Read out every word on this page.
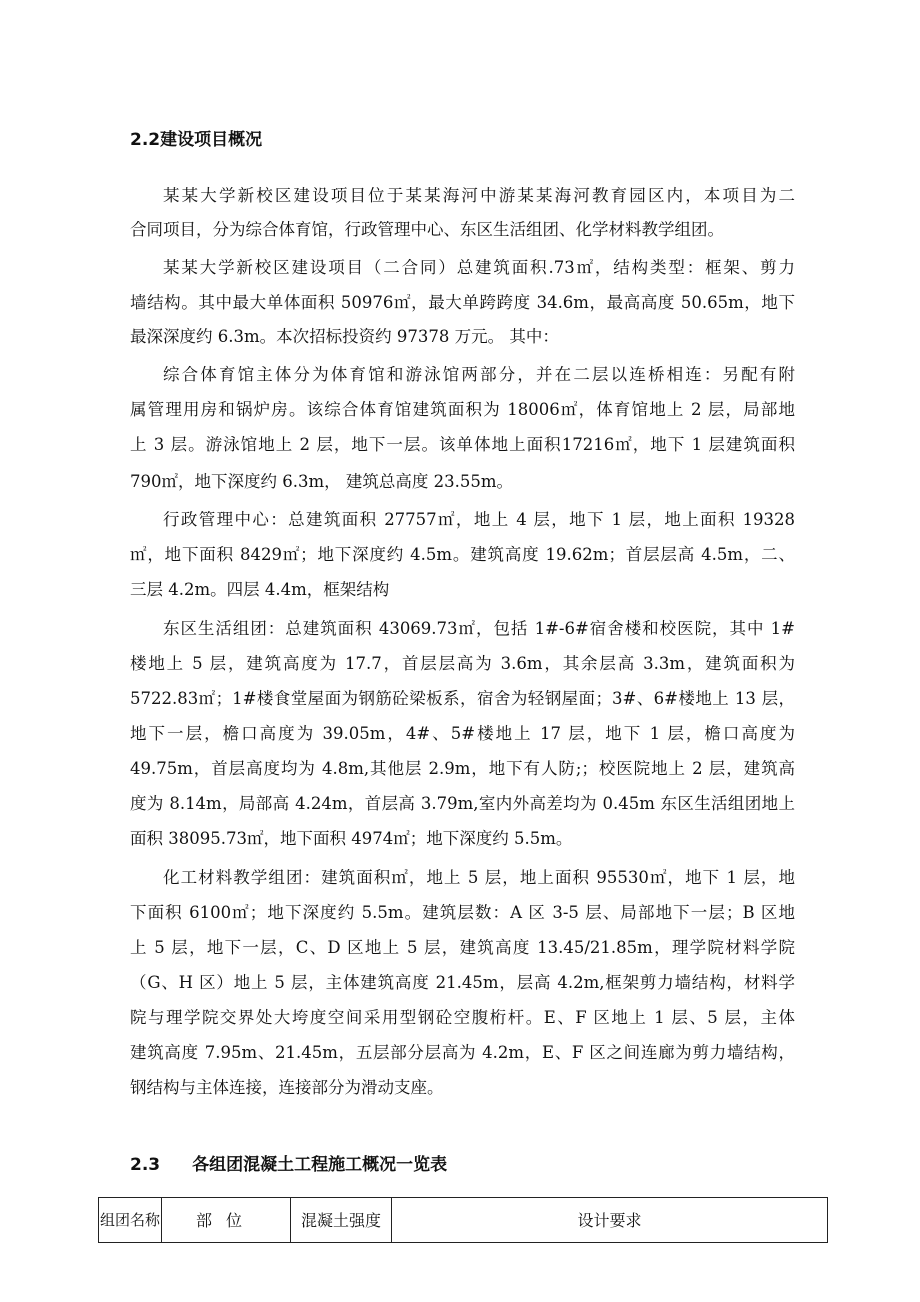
2.2建设项目概况
某某大学新校区建设项目位于某某海河中游某某海河教育园区内，本项目为二
合同项目，分为综合体育馆，行政管理中心、东区生活组团、化学材料教学组团。
某某大学新校区建设项目（二合同）总建筑面积.73㎡，结构类型：框架、剪力
墙结构。其中最大单体面积 50976㎡，最大单跨跨度 34.6m，最高高度 50.65m，地下
最深深度约 6.3m。本次招标投资约 97378 万元。 其中：
综合体育馆主体分为体育馆和游泳馆两部分，并在二层以连桥相连：另配有附
属管理用房和锅炉房。该综合体育馆建筑面积为 18006㎡，体育馆地上 2 层，局部地
上 3 层。游泳馆地上 2 层，地下一层。该单体地上面积17216㎡，地下 1 层建筑面积
790㎡，地下深度约 6.3m， 建筑总高度 23.55m。
行政管理中心：总建筑面积 27757㎡，地上 4 层，地下 1 层，地上面积 19328
㎡，地下面积 8429㎡；地下深度约 4.5m。建筑高度 19.62m；首层层高 4.5m，二、
三层 4.2m。四层 4.4m，框架结构
东区生活组团：总建筑面积 43069.73㎡，包括 1#-6#宿舍楼和校医院，其中 1#
楼地上 5 层，建筑高度为 17.7，首层层高为 3.6m，其余层高 3.3m，建筑面积为
5722.83㎡；1#楼食堂屋面为钢筋砼梁板系，宿舍为轻钢屋面；3#、6#楼地上 13 层，
地下一层，檐口高度为 39.05m，4#、5#楼地上 17 层，地下 1 层，檐口高度为
49.75m，首层高度均为 4.8m,其他层 2.9m，地下有人防;；校医院地上 2 层，建筑高
度为 8.14m，局部高 4.24m，首层高 3.79m,室内外高差均为 0.45m 东区生活组团地上
面积 38095.73㎡，地下面积 4974㎡；地下深度约 5.5m。
化工材料教学组团：建筑面积㎡，地上 5 层，地上面积 95530㎡，地下 1 层，地
下面积 6100㎡；地下深度约 5.5m。建筑层数：A 区 3-5 层、局部地下一层；B 区地
上 5 层，地下一层，C、D 区地上 5 层，建筑高度 13.45/21.85m，理学院材料学院
（G、H 区）地上 5 层，主体建筑高度 21.45m，层高 4.2m,框架剪力墙结构，材料学
院与理学院交界处大垮度空间采用型钢砼空腹桁杆。E、F 区地上 1 层、5 层，主体
建筑高度 7.95m、21.45m，五层部分层高为 4.2m，E、F 区之间连廊为剪力墙结构，
钢结构与主体连接，连接部分为滑动支座。
2.3 各组团混凝土工程施工概况一览表
组团名称	部位	混凝土强度	设计要求
